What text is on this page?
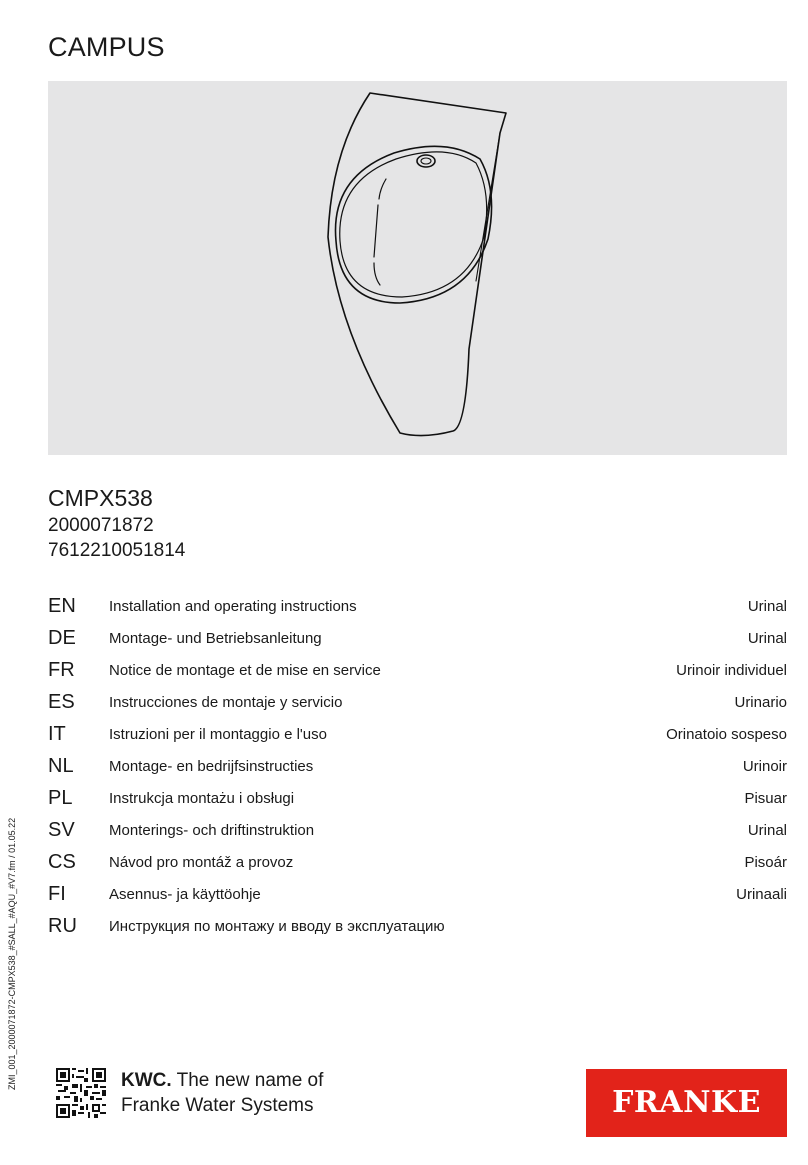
CAMPUS
CMPX538
2000071872
7612210051814
EN Installation and operating instructions	Urinal
DE Montage- und Betriebsanleitung	Urinal
FR Notice de montage et de mise en service	Urinoir individuel
ES Instrucciones de montaje y servicio	Urinario
IT	Istruzioni per il montaggio e l'uso	Orinatoio sospeso
NL Montage- en bedrijfsinstructies	Urinoir
PL Instrukcja montażu i obsługi	Pisuar
SV Monterings- och driftinstruktion	Urinal
CS Návod pro montáž a provoz	Pisoár
FI	Asennus- ja käyttöohje	Urinaali
RU Инструкция по монтажу и вводу в эксплуатацию
ZMI_001_2000071872-CMPX538_#SALL_#AQU_#V7.fm / 01.05.22	KWC. The new name of
Franke Water Systems	FRANKE
